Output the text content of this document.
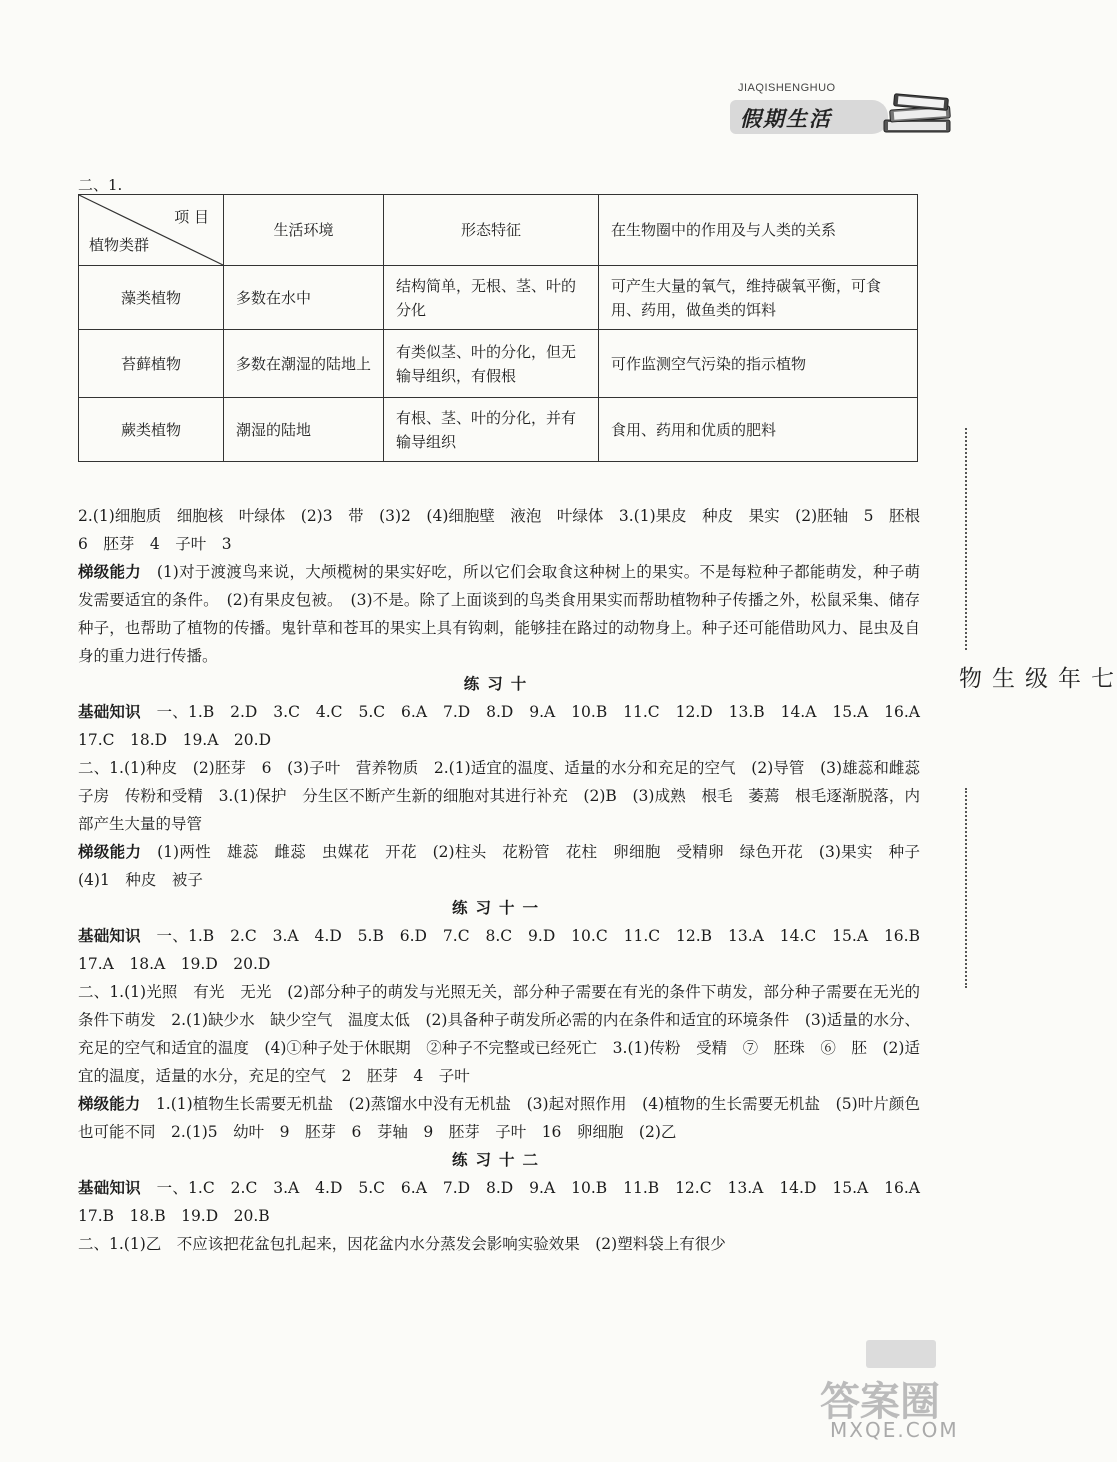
JIAQISHENGHUO
假期生活
七年级生物
二、1.
项 目
植物类群	生活环境	形态特征	在生物圈中的作用及与人类的关系
藻类植物	多数在水中	结构简单，无根、茎、叶的分化	可产生大量的氧气，维持碳氧平衡，可食用、药用，做鱼类的饵料
苔藓植物	多数在潮湿的陆地上	有类似茎、叶的分化，但无输导组织，有假根	可作监测空气污染的指示植物
蕨类植物	潮湿的陆地	有根、茎、叶的分化，并有输导组织	食用、药用和优质的肥料

2.(1)细胞质　细胞核　叶绿体　(2)3　带　(3)2　(4)细胞壁　液泡　叶绿体　3.(1)果皮　种皮　果实　(2)胚轴　5　胚根　6　胚芽　4　子叶　3

梯级能力　(1)对于渡渡鸟来说，大颅榄树的果实好吃，所以它们会取食这种树上的果实。不是每粒种子都能萌发，种子萌发需要适宜的条件。　(2)有果皮包被。　(3)不是。除了上面谈到的鸟类食用果实而帮助植物种子传播之外，松鼠采集、储存种子，也帮助了植物的传播。鬼针草和苍耳的果实上具有钩刺，能够挂在路过的动物身上。种子还可能借助风力、昆虫及自身的重力进行传播。

练习十

基础知识　一、1.B　2.D　3.C　4.C　5.C　6.A　7.D　8.D　9.A　10.B　11.C　12.D　13.B　14.A　15.A　16.A　17.C　18.D　19.A　20.D

二、1.(1)种皮　(2)胚芽　6　(3)子叶　营养物质　2.(1)适宜的温度、适量的水分和充足的空气　(2)导管　(3)雄蕊和雌蕊　子房　传粉和受精　3.(1)保护　分生区不断产生新的细胞对其进行补充　(2)B　(3)成熟　根毛　萎蔫　根毛逐渐脱落，内部产生大量的导管

梯级能力　(1)两性　雄蕊　雌蕊　虫媒花　开花　(2)柱头　花粉管　花柱　卵细胞　受精卵　绿色开花　(3)果实　种子　(4)1　种皮　被子

练习十一

基础知识　一、1.B　2.C　3.A　4.D　5.B　6.D　7.C　8.C　9.D　10.C　11.C　12.B　13.A　14.C　15.A　16.B　17.A　18.A　19.D　20.D

二、1.(1)光照　有光　无光　(2)部分种子的萌发与光照无关，部分种子需要在有光的条件下萌发，部分种子需要在无光的条件下萌发　2.(1)缺少水　缺少空气　温度太低　(2)具备种子萌发所必需的内在条件和适宜的环境条件　(3)适量的水分、充足的空气和适宜的温度　(4)①种子处于休眠期　②种子不完整或已经死亡　3.(1)传粉　受精　⑦　胚珠　⑥　胚　(2)适宜的温度，适量的水分，充足的空气　2　胚芽　4　子叶

梯级能力　1.(1)植物生长需要无机盐　(2)蒸馏水中没有无机盐　(3)起对照作用　(4)植物的生长需要无机盐　(5)叶片颜色也可能不同　2.(1)5　幼叶　9　胚芽　6　芽轴　9　胚芽　子叶　16　卵细胞　(2)乙

练习十二

基础知识　一、1.C　2.C　3.A　4.D　5.C　6.A　7.D　8.D　9.A　10.B　11.B　12.C　13.A　14.D　15.A　16.A　17.B　18.B　19.D　20.B

二、1.(1)乙　不应该把花盆包扎起来，因花盆内水分蒸发会影响实验效果　(2)塑料袋上有很少

答案圈
MXQE.COM
